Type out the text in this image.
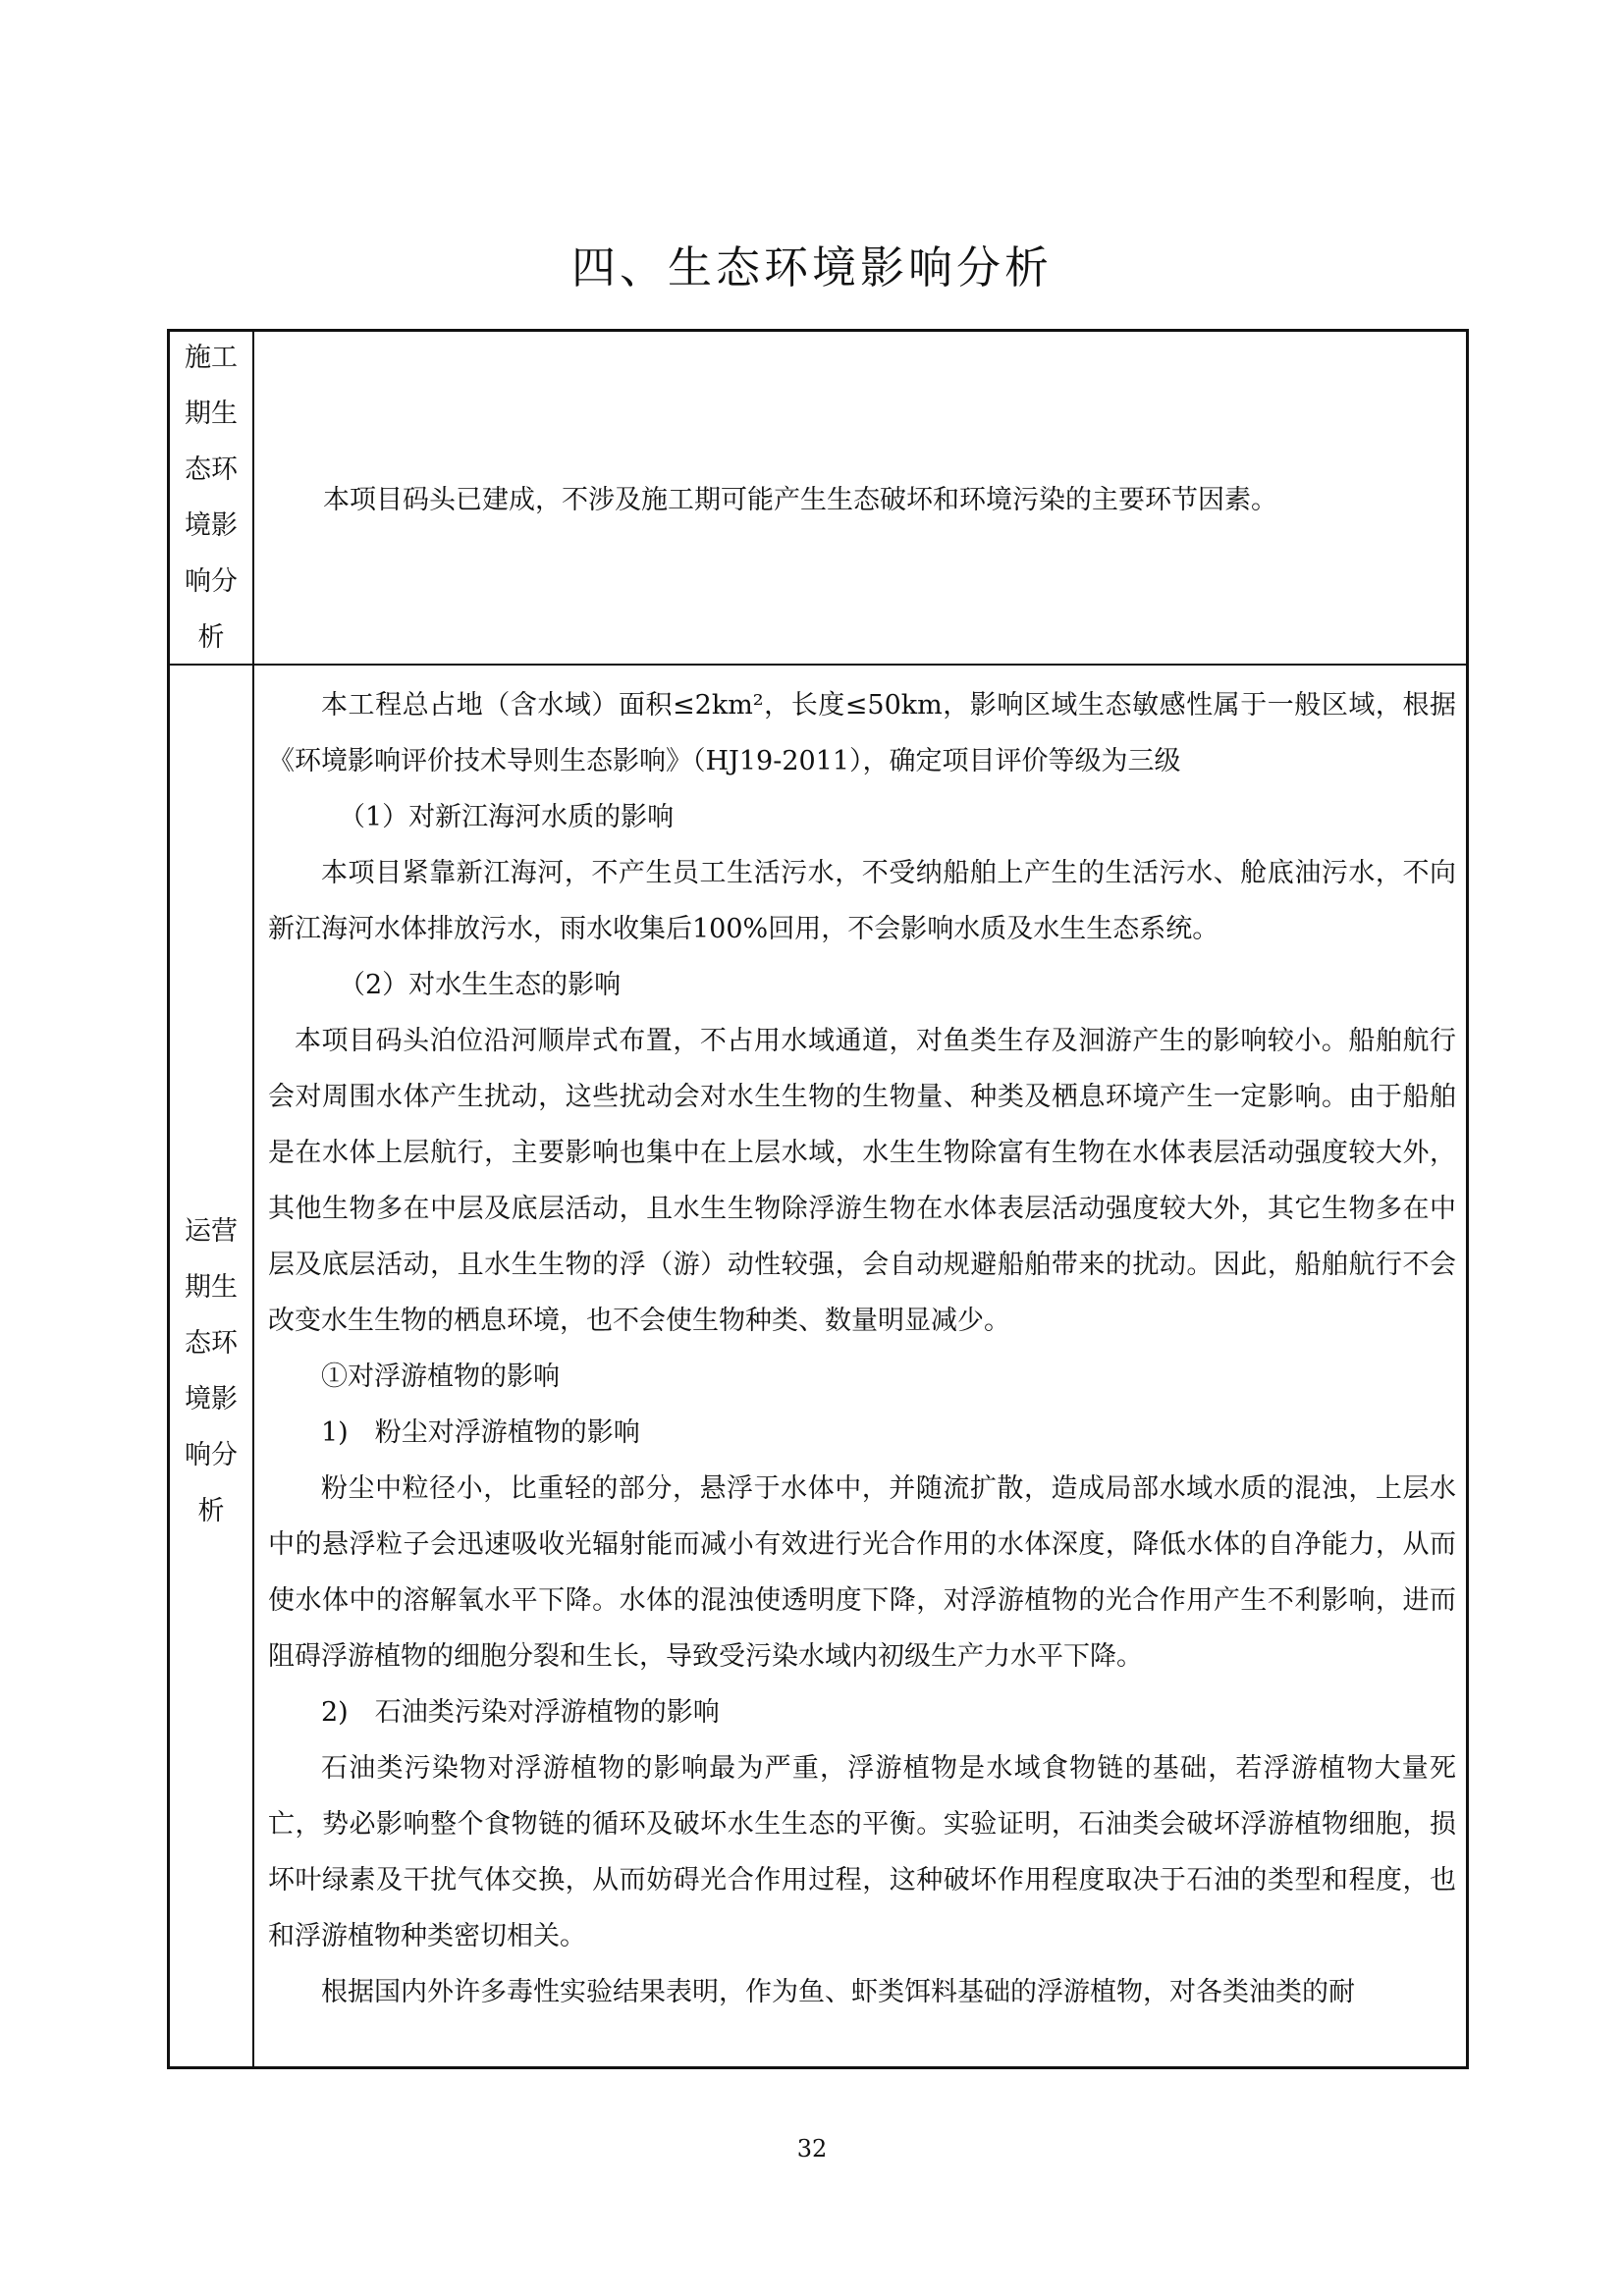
四、生态环境影响分析
施工期生态环境影响分析
本项目码头已建成，不涉及施工期可能产生生态破坏和环境污染的主要环节因素。
运营期生态环境影响分析

本工程总占地（含水域）面积≤2km²，长度≤50km，影响区域生态敏感性属于一般区域，根据《环境影响评价技术导则生态影响》（HJ19-2011），确定项目评价等级为三级

（1）对新江海河水质的影响

本项目紧靠新江海河，不产生员工生活污水，不受纳船舶上产生的生活污水、舱底油污水，不向新江海河水体排放污水，雨水收集后100%回用，不会影响水质及水生生态系统。

（2）对水生生态的影响

本项目码头泊位沿河顺岸式布置，不占用水域通道，对鱼类生存及洄游产生的影响较小。船舶航行会对周围水体产生扰动，这些扰动会对水生生物的生物量、种类及栖息环境产生一定影响。由于船舶是在水体上层航行，主要影响也集中在上层水域，水生生物除富有生物在水体表层活动强度较大外，其他生物多在中层及底层活动，且水生生物除浮游生物在水体表层活动强度较大外，其它生物多在中层及底层活动，且水生生物的浮（游）动性较强，会自动规避船舶带来的扰动。因此，船舶航行不会改变水生生物的栖息环境，也不会使生物种类、数量明显减少。

①对浮游植物的影响

1)　粉尘对浮游植物的影响

粉尘中粒径小，比重轻的部分，悬浮于水体中，并随流扩散，造成局部水域水质的混浊，上层水中的悬浮粒子会迅速吸收光辐射能而减小有效进行光合作用的水体深度，降低水体的自净能力，从而使水体中的溶解氧水平下降。水体的混浊使透明度下降，对浮游植物的光合作用产生不利影响，进而阻碍浮游植物的细胞分裂和生长，导致受污染水域内初级生产力水平下降。

2)　石油类污染对浮游植物的影响

石油类污染物对浮游植物的影响最为严重，浮游植物是水域食物链的基础，若浮游植物大量死亡，势必影响整个食物链的循环及破坏水生生态的平衡。实验证明，石油类会破坏浮游植物细胞，损坏叶绿素及干扰气体交换，从而妨碍光合作用过程，这种破坏作用程度取决于石油的类型和程度，也和浮游植物种类密切相关。

根据国内外许多毒性实验结果表明，作为鱼、虾类饵料基础的浮游植物，对各类油类的耐

32
